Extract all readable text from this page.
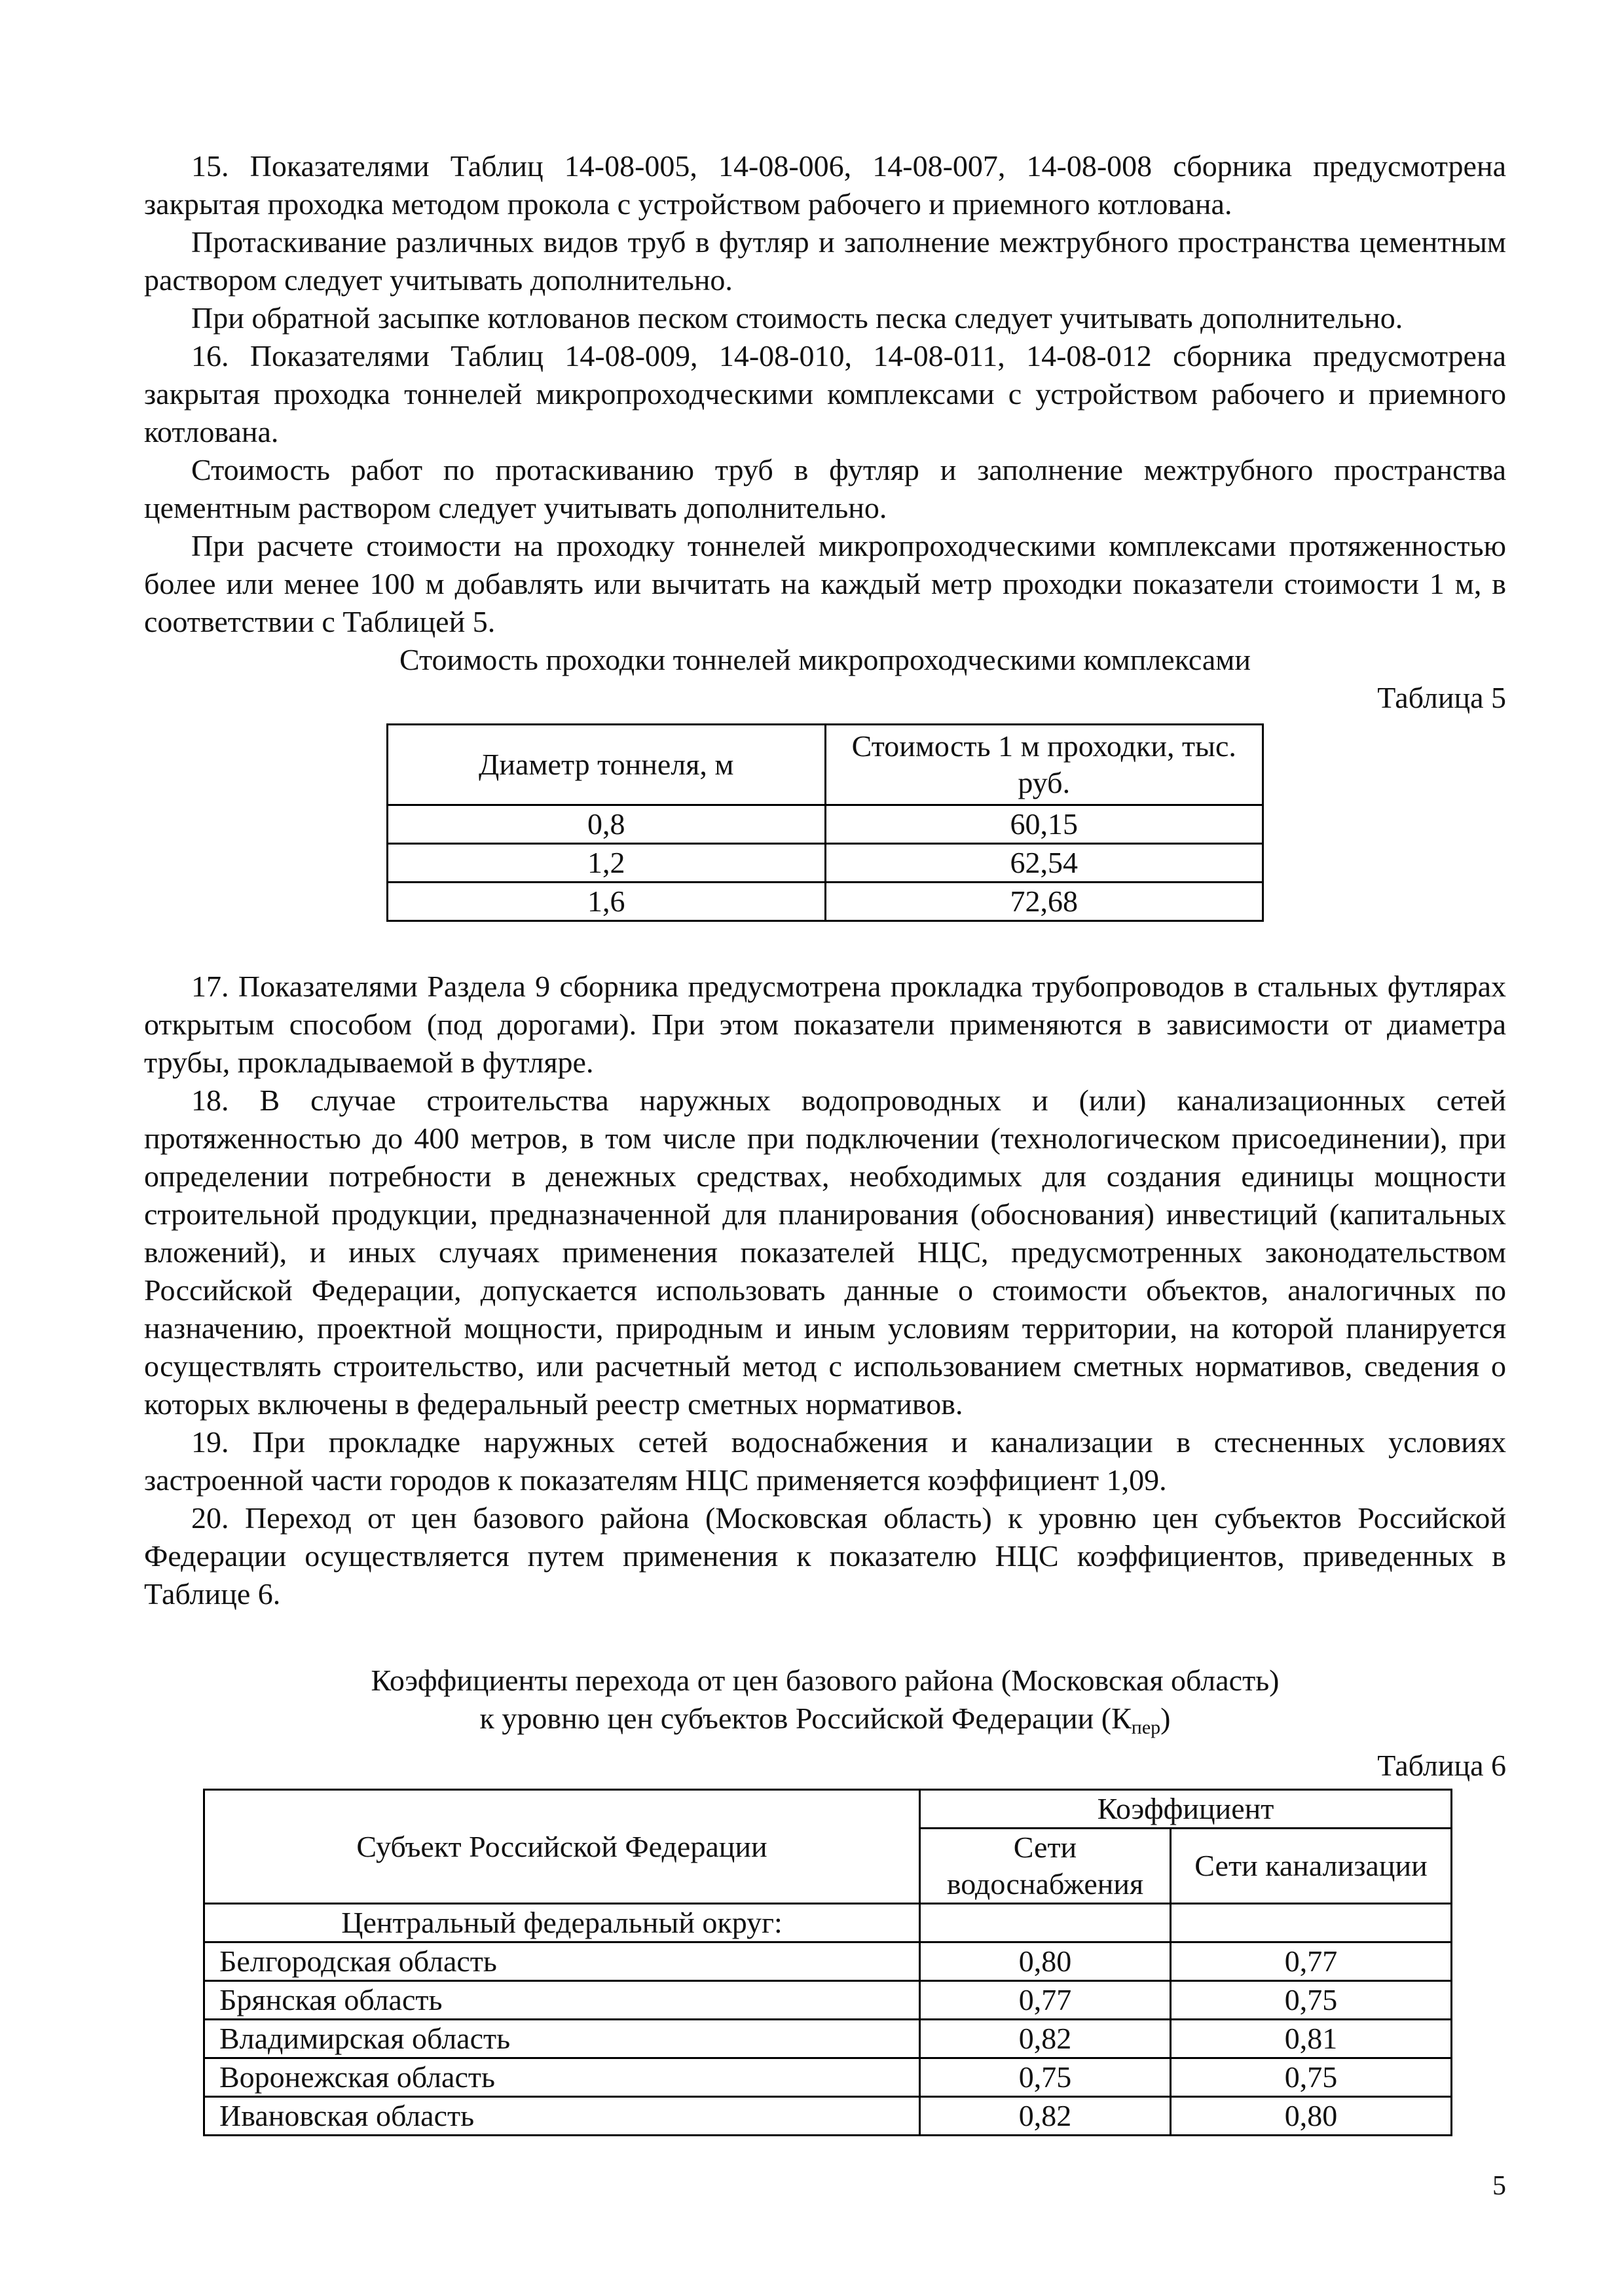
15. Показателями Таблиц 14-08-005, 14-08-006, 14-08-007, 14-08-008 сборника предусмотрена закрытая проходка методом прокола с устройством рабочего и приемного котлована.

Протаскивание различных видов труб в футляр и заполнение межтрубного пространства цементным раствором следует учитывать дополнительно.

При обратной засыпке котлованов песком стоимость песка следует учитывать дополнительно.

16. Показателями Таблиц 14-08-009, 14-08-010, 14-08-011, 14-08-012 сборника предусмотрена закрытая проходка тоннелей микропроходческими комплексами с устройством рабочего и приемного котлована.

Стоимость работ по протаскиванию труб в футляр и заполнение межтрубного пространства цементным раствором следует учитывать дополнительно.

При расчете стоимости на проходку тоннелей микропроходческими комплексами протяженностью более или менее 100 м добавлять или вычитать на каждый метр проходки показатели стоимости 1 м, в соответствии с Таблицей 5.

Стоимость проходки тоннелей микропроходческими комплексами

Таблица 5

Диаметр тоннеля, м	Стоимость 1 м проходки, тыс. руб.
0,8	60,15
1,2	62,54
1,6	72,68

17. Показателями Раздела 9 сборника предусмотрена прокладка трубопроводов в стальных футлярах открытым способом (под дорогами). При этом показатели применяются в зависимости от диаметра трубы, прокладываемой в футляре.

18. В случае строительства наружных водопроводных и (или) канализационных сетей протяженностью до 400 метров, в том числе при подключении (технологическом присоединении), при определении потребности в денежных средствах, необходимых для создания единицы мощности строительной продукции, предназначенной для планирования (обоснования) инвестиций (капитальных вложений), и иных случаях применения показателей НЦС, предусмотренных законодательством Российской Федерации, допускается использовать данные о стоимости объектов, аналогичных по назначению, проектной мощности, природным и иным условиям территории, на которой планируется осуществлять строительство, или расчетный метод с использованием сметных нормативов, сведения о которых включены в федеральный реестр сметных нормативов.

19. При прокладке наружных сетей водоснабжения и канализации в стесненных условиях застроенной части городов к показателям НЦС применяется коэффициент 1,09.

20. Переход от цен базового района (Московская область) к уровню цен субъектов Российской Федерации осуществляется путем применения к показателю НЦС коэффициентов, приведенных в Таблице 6.

Коэффициенты перехода от цен базового района (Московская область)

к уровню цен субъектов Российской Федерации $(К_{пер})$

Таблица 6

Субъект Российской Федерации	Коэффициент	
	Сети водоснабжения	Сети канализации
Центральный федеральный округ:		
Белгородская область	0,80	0,77
Брянская область	0,77	0,75
Владимирская область	0,82	0,81
Воронежская область	0,75	0,75
Ивановская область	0,82	0,80
5
